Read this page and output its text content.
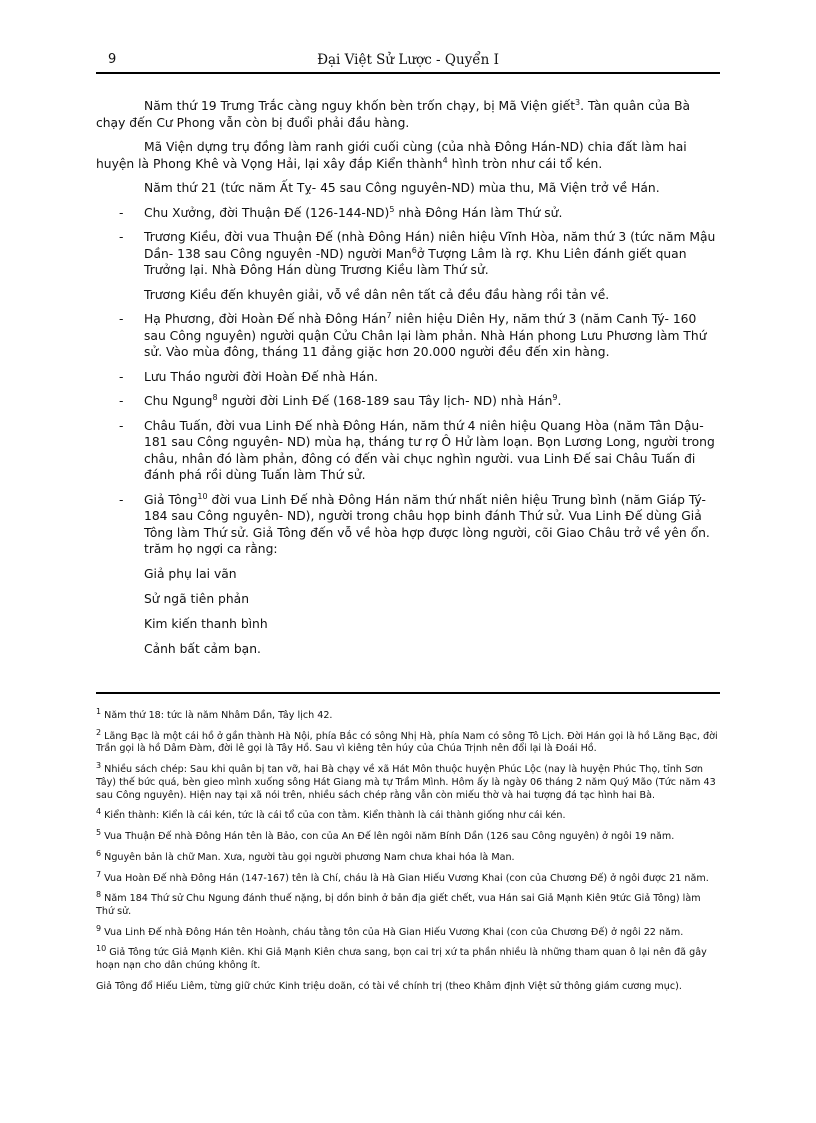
9	Đại Việt Sử Lược - Quyển I

Năm thứ 19 Trưng Trắc càng nguy khốn bèn trốn chạy, bị Mã Viện giết$^3$. Tàn quân của Bà chạy đến Cư Phong vẫn còn bị đuổi phải đầu hàng.

Mã Viện dựng trụ đồng làm ranh giới cuối cùng (của nhà Đông Hán-ND) chia đất làm hai huyện là Phong Khê và Vọng Hải, lại xây đắp Kiển thành$^4$ hình tròn như cái tổ kén.

Năm thứ 21 (tức năm Ất Tỵ- 45 sau Công nguyên-ND) mùa thu, Mã Viện trở về Hán.

- Chu Xưởng, đời Thuận Đế $(126-144-ND)^5$ nhà Đông Hán làm Thứ sử.

- Trương Kiều, đời vua Thuận Đế (nhà Đông Hán) niên hiệu Vĩnh Hòa, năm thứ 3 (tức năm Mậu Dần- 138 sau Công nguyên -ND) người Man$^6$ở Tượng Lâm là rợ. Khu Liên đánh giết quan Trưởng lại. Nhà Đông Hán dùng Trương Kiều làm Thứ sử.

Trương Kiều đến khuyên giải, vỗ về dân nên tất cả đều đầu hàng rồi tản về.

- Hạ Phương, đời Hoàn Đế nhà Đông Hán$^7$ niên hiệu Diên Hy, năm thứ 3 (năm Canh Tý- 160 sau Công nguyên) người quận Cửu Chân lại làm phản. Nhà Hán phong Lưu Phương làm Thứ sử. Vào mùa đông, tháng 11 đảng giặc hơn 20.000 người đều đến xin hàng.

- Lưu Tháo người đời Hoàn Đế nhà Hán.

- Chu Ngung$^8$ người đời Linh Đế (168-189 sau Tây lịch- ND) nhà Hán$^9$.

- Châu Tuấn, đời vua Linh Đế nhà Đông Hán, năm thứ 4 niên hiệu Quang Hòa (năm Tân Dậu- 181 sau Công nguyên- ND) mùa hạ, tháng tư rợ Ô Hử làm loạn. Bọn Lương Long, người trong châu, nhân đó làm phản, đông có đến vài chục nghìn người. vua Linh Đế sai Châu Tuấn đi đánh phá rồi dùng Tuấn làm Thứ sử.

- Giả Tông$^{10}$ đời vua Linh Đế nhà Đông Hán năm thứ nhất niên hiệu Trung bình (năm Giáp Tý- 184 sau Công nguyên- ND), người trong châu họp binh đánh Thứ sử. Vua Linh Đế dùng Giả Tông làm Thứ sử. Giả Tông đến vỗ về hòa hợp được lòng người, cõi Giao Châu trở về yên ổn. trăm họ ngợi ca rằng:

Giả phụ lai vãn

Sử ngã tiên phản

Kim kiến thanh bình

Cảnh bất cảm bạn.

$^1$ Năm thứ 18: tức là năm Nhâm Dần, Tây lịch 42.

$^2$ Lãng Bạc là một cái hồ ở gần thành Hà Nội, phía Bắc có sông Nhị Hà, phía Nam có sông Tô Lịch. Đời Hán gọi là hồ Lãng Bạc, đời Trần gọi là hồ Dâm Đàm, đời lê gọi là Tây Hồ. Sau vì kiêng tên húy của Chúa Trịnh nên đổi lại là Đoái Hồ.

$^3$ Nhiều sách chép: Sau khi quân bị tan vỡ, hai Bà chạy về xã Hát Môn thuộc huyện Phúc Lộc (nay là huyện Phúc Thọ, tỉnh Sơn Tây) thế bức quá, bèn gieo mình xuống sông Hát Giang mà tự Trầm Mình. Hôm ấy là ngày 06 tháng 2 năm Quý Mão (Tức năm 43 sau Công nguyên). Hiện nay tại xã nói trên, nhiều sách chép rằng vẫn còn miếu thờ và hai tượng đá tạc hình hai Bà.

$^4$ Kiển thành: Kiển là cái kén, tức là cái tổ của con tằm. Kiển thành là cái thành giống như cái kén.

$^5$ Vua Thuận Đế nhà Đông Hán tên là Bảo, con của An Đế lên ngôi năm Bính Dần (126 sau Công nguyên) ở ngôi 19 năm.

$^6$ Nguyên bản là chữ Man. Xưa, người tàu gọi người phương Nam chưa khai hóa là Man.

$^7$ Vua Hoàn Đế nhà Đông Hán (147-167) tên là Chí, cháu là Hà Gian Hiếu Vương Khai (con của Chương Đế) ở ngôi được 21 năm.

$^8$ Năm 184 Thứ sử Chu Ngung đánh thuế nặng, bị dồn binh ở bản địa giết chết, vua Hán sai Giả Mạnh Kiên 9tức Giả Tông) làm Thứ sử.

$^9$ Vua Linh Đế nhà Đông Hán tên Hoành, cháu tằng tôn của Hà Gian Hiếu Vương Khai (con của Chương Đế) ở ngôi 22 năm.

$^{10}$ Giả Tông tức Giả Mạnh Kiên. Khi Giả Mạnh Kiên chưa sang, bọn cai trị xứ ta phần nhiều là những tham quan ô lại nên đã gây hoạn nạn cho dân chúng không ít.

Giả Tông đổ Hiếu Liêm, từng giữ chức Kinh triệu doãn, có tài về chính trị (theo Khâm định Việt sử thông giám cương mục).
